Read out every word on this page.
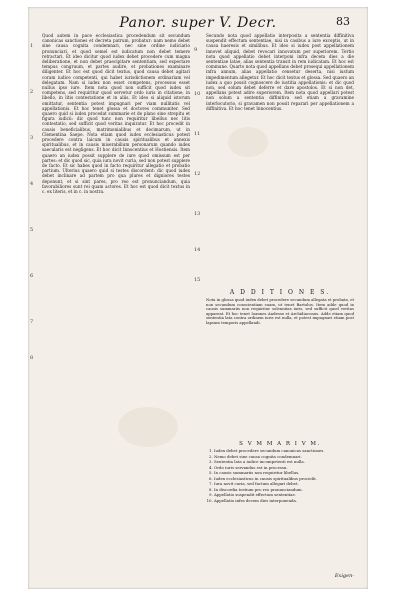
Panor. super V. Decr.	83
Quod autem in pace ecclesiastica procedendum sit secundum canonicas sanctiones et decreta patrum, probatur: nam nemo debet sine causa cognita condemnari, nec sine ordine iudiciario pronunciari, et quod semel est iudicatum non debet temere retractari. Et ideo dicitur quod iudex debet procedere cum magna deliberatione, et non debet praecipitare sententiam, sed expectare tempus congruum, et partes audire, et probationes examinare diligenter. Et hoc est quod dicit textus, quod causa debet agitari coram iudice competenti, qui habet iurisdictionem ordinariam vel delegatam. Nam si iudex non esset competens, processus esset nullus ipso iure. Item nota quod non sufficit quod iudex sit competens, sed requiritur quod servetur ordo iuris in citatione, in libello, in litis contestatione et in aliis. Et ideo si aliquid istorum omittatur, sententia potest impugnari per viam nullitatis vel appellationis. Et hoc tenet glossa et doctores communiter. Sed quaero quid si iudex procedat summarie et de plano sine strepitu et figura iudicii: dic quod tunc non requiritur libellus nec litis contestatio, sed sufficit quod veritas inquiratur. Et hoc procedit in causis beneficialibus, matrimonialibus et decimarum, ut in Clementina Saepe. Nota etiam quod iudex ecclesiasticus potest procedere contra laicum in causis spiritualibus et annexis spiritualibus, et in causis miserabilium personarum quando iudex saecularis est negligens. Et hoc dicit Innocentius et Hostiensis. Item quaero an iudex possit supplere de iure quod omissum est per partes: et dic quod sic, quia iura novit curia, sed non potest supplere de facto. Et sic habes quod in facto requiritur allegatio et probatio partium. Ulterius quaero quid si testes discordent: dic quod iudex debet inclinare ad partem pro qua plures et digniores testes deponunt, et si sint pares, pro reo est pronunciandum, quia favorabiliores sunt rei quam actores. Et hoc est quod dicit textus in c. ex literis, et in c. in nostra.
Secundo nota quod appellatio interposita a sententia diffinitiva suspendit effectum sententiae, nisi in casibus a iure exceptis, ut in causa haeresis et similibus. Et ideo si iudex post appellationem innovet aliquid, debet revocari innovatum per superiorem. Tertio nota quod appellatio debet interponi infra decem dies a die sententiae latae, alias sententia transit in rem iudicatam. Et hoc est commune. Quarto nota quod appellans debet prosequi appellationem infra annum, alias appellatio censetur deserta, nisi iustum impedimentum allegetur. Et hoc dicit textus et glossa. Sed quaero an iudex a quo possit cognoscere de iustitia appellationis: et dic quod non, sed solum debet deferre et dare apostolos. Et si non det, appellans potest adire superiorem. Item nota quod appellari potest non solum a sententia diffinitiva sed etiam a gravamine interlocutorio, si gravamen non possit reparari per appellationem a diffinitiva. Et hoc tenet Innocentius.
1
2
3
4
5
6
7
8
9
10
11
12
13
14
15
A D D I T I O N E S.
Nota in glossa quod iudex debet procedere secundum allegata et probata, et non secundum conscientiam suam, ut tenet Bartolus. Item adde quod in causis summariis non requiritur solennitas iuris, sed sufficit quod veritas appareat. Et hoc tenet Ioannes Andreae et Archidiaconus. Adde etiam quod sententia lata contra ordinem iuris est nulla, et potest impugnari etiam post lapsum temporis appellandi.
S V M M A R I V M.
1. Iudex debet procedere secundum canonicas sanctiones.
2. Nemo debet sine causa cognita condemnari.
3. Sententia lata a iudice incompetenti est nulla.
4. Ordo iuris servandus est in processu.
5. In causis summariis non requiritur libellus.
6. Iudex ecclesiasticus in causis spiritualibus procedit.
7. Iura novit curia, sed factum allegari debet.
8. In discordia testium pro reo pronunciandum.
9. Appellatio suspendit effectum sententiae.
10. Appellatio infra decem dies interponenda.
Exigen-
